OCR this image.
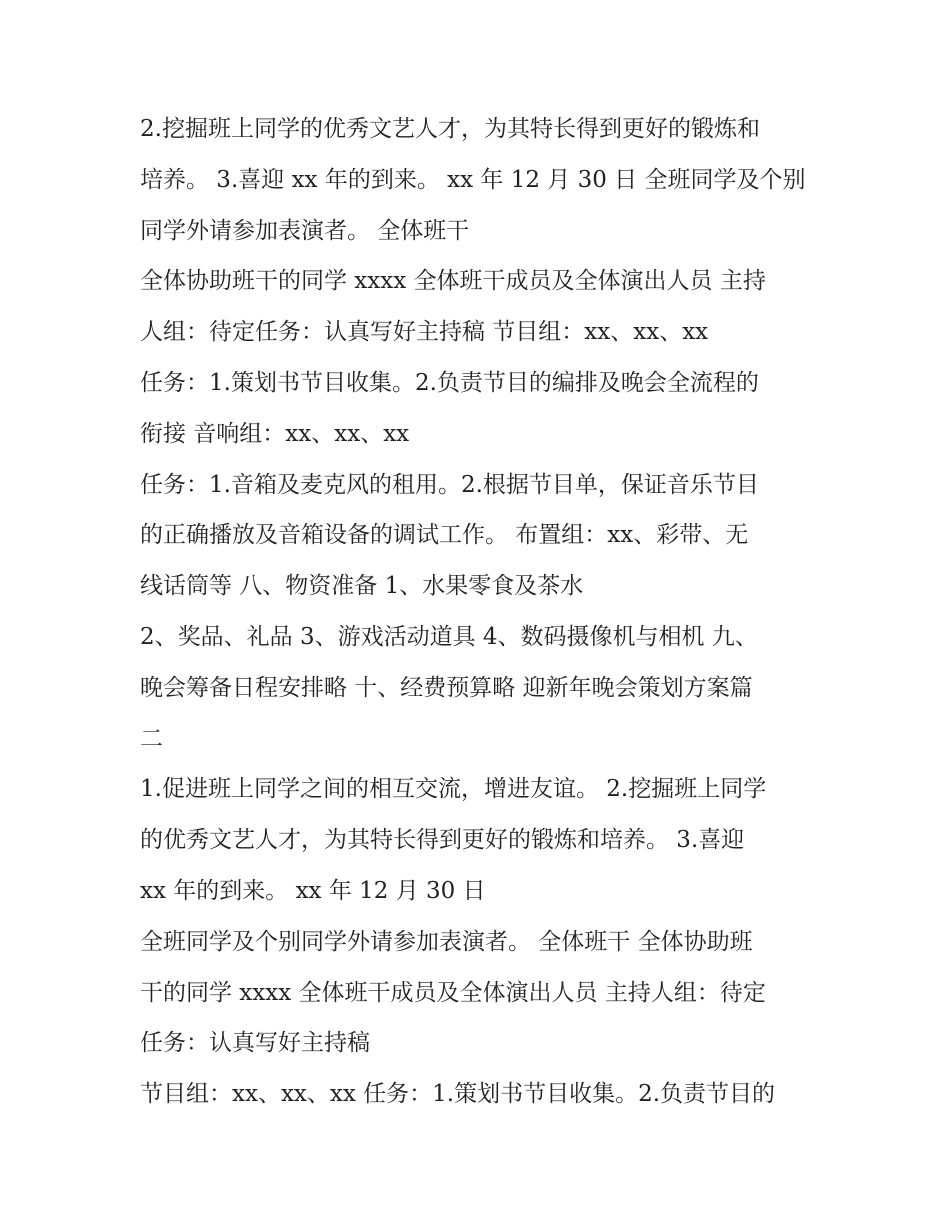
2.挖掘班上同学的优秀文艺人才，为其特长得到更好的锻炼和
培养。 3.喜迎 xx 年的到来。 xx 年 12 月 30 日 全班同学及个别
同学外请参加表演者。 全体班干
全体协助班干的同学 xxxx 全体班干成员及全体演出人员 主持
人组：待定任务：认真写好主持稿 节目组：xx、xx、xx
任务：1.策划书节目收集。2.负责节目的编排及晚会全流程的
衔接 音响组：xx、xx、xx
任务：1.音箱及麦克风的租用。2.根据节目单，保证音乐节目
的正确播放及音箱设备的调试工作。 布置组：xx、彩带、无
线话筒等 八、物资准备 1、水果零食及茶水
2、奖品、礼品 3、游戏活动道具 4、数码摄像机与相机 九、
晚会筹备日程安排略 十、经费预算略 迎新年晚会策划方案篇
二
1.促进班上同学之间的相互交流，增进友谊。 2.挖掘班上同学
的优秀文艺人才，为其特长得到更好的锻炼和培养。 3.喜迎
xx 年的到来。 xx 年 12 月 30 日
全班同学及个别同学外请参加表演者。 全体班干 全体协助班
干的同学 xxxx 全体班干成员及全体演出人员 主持人组：待定
任务：认真写好主持稿
节目组：xx、xx、xx 任务：1.策划书节目收集。2.负责节目的
